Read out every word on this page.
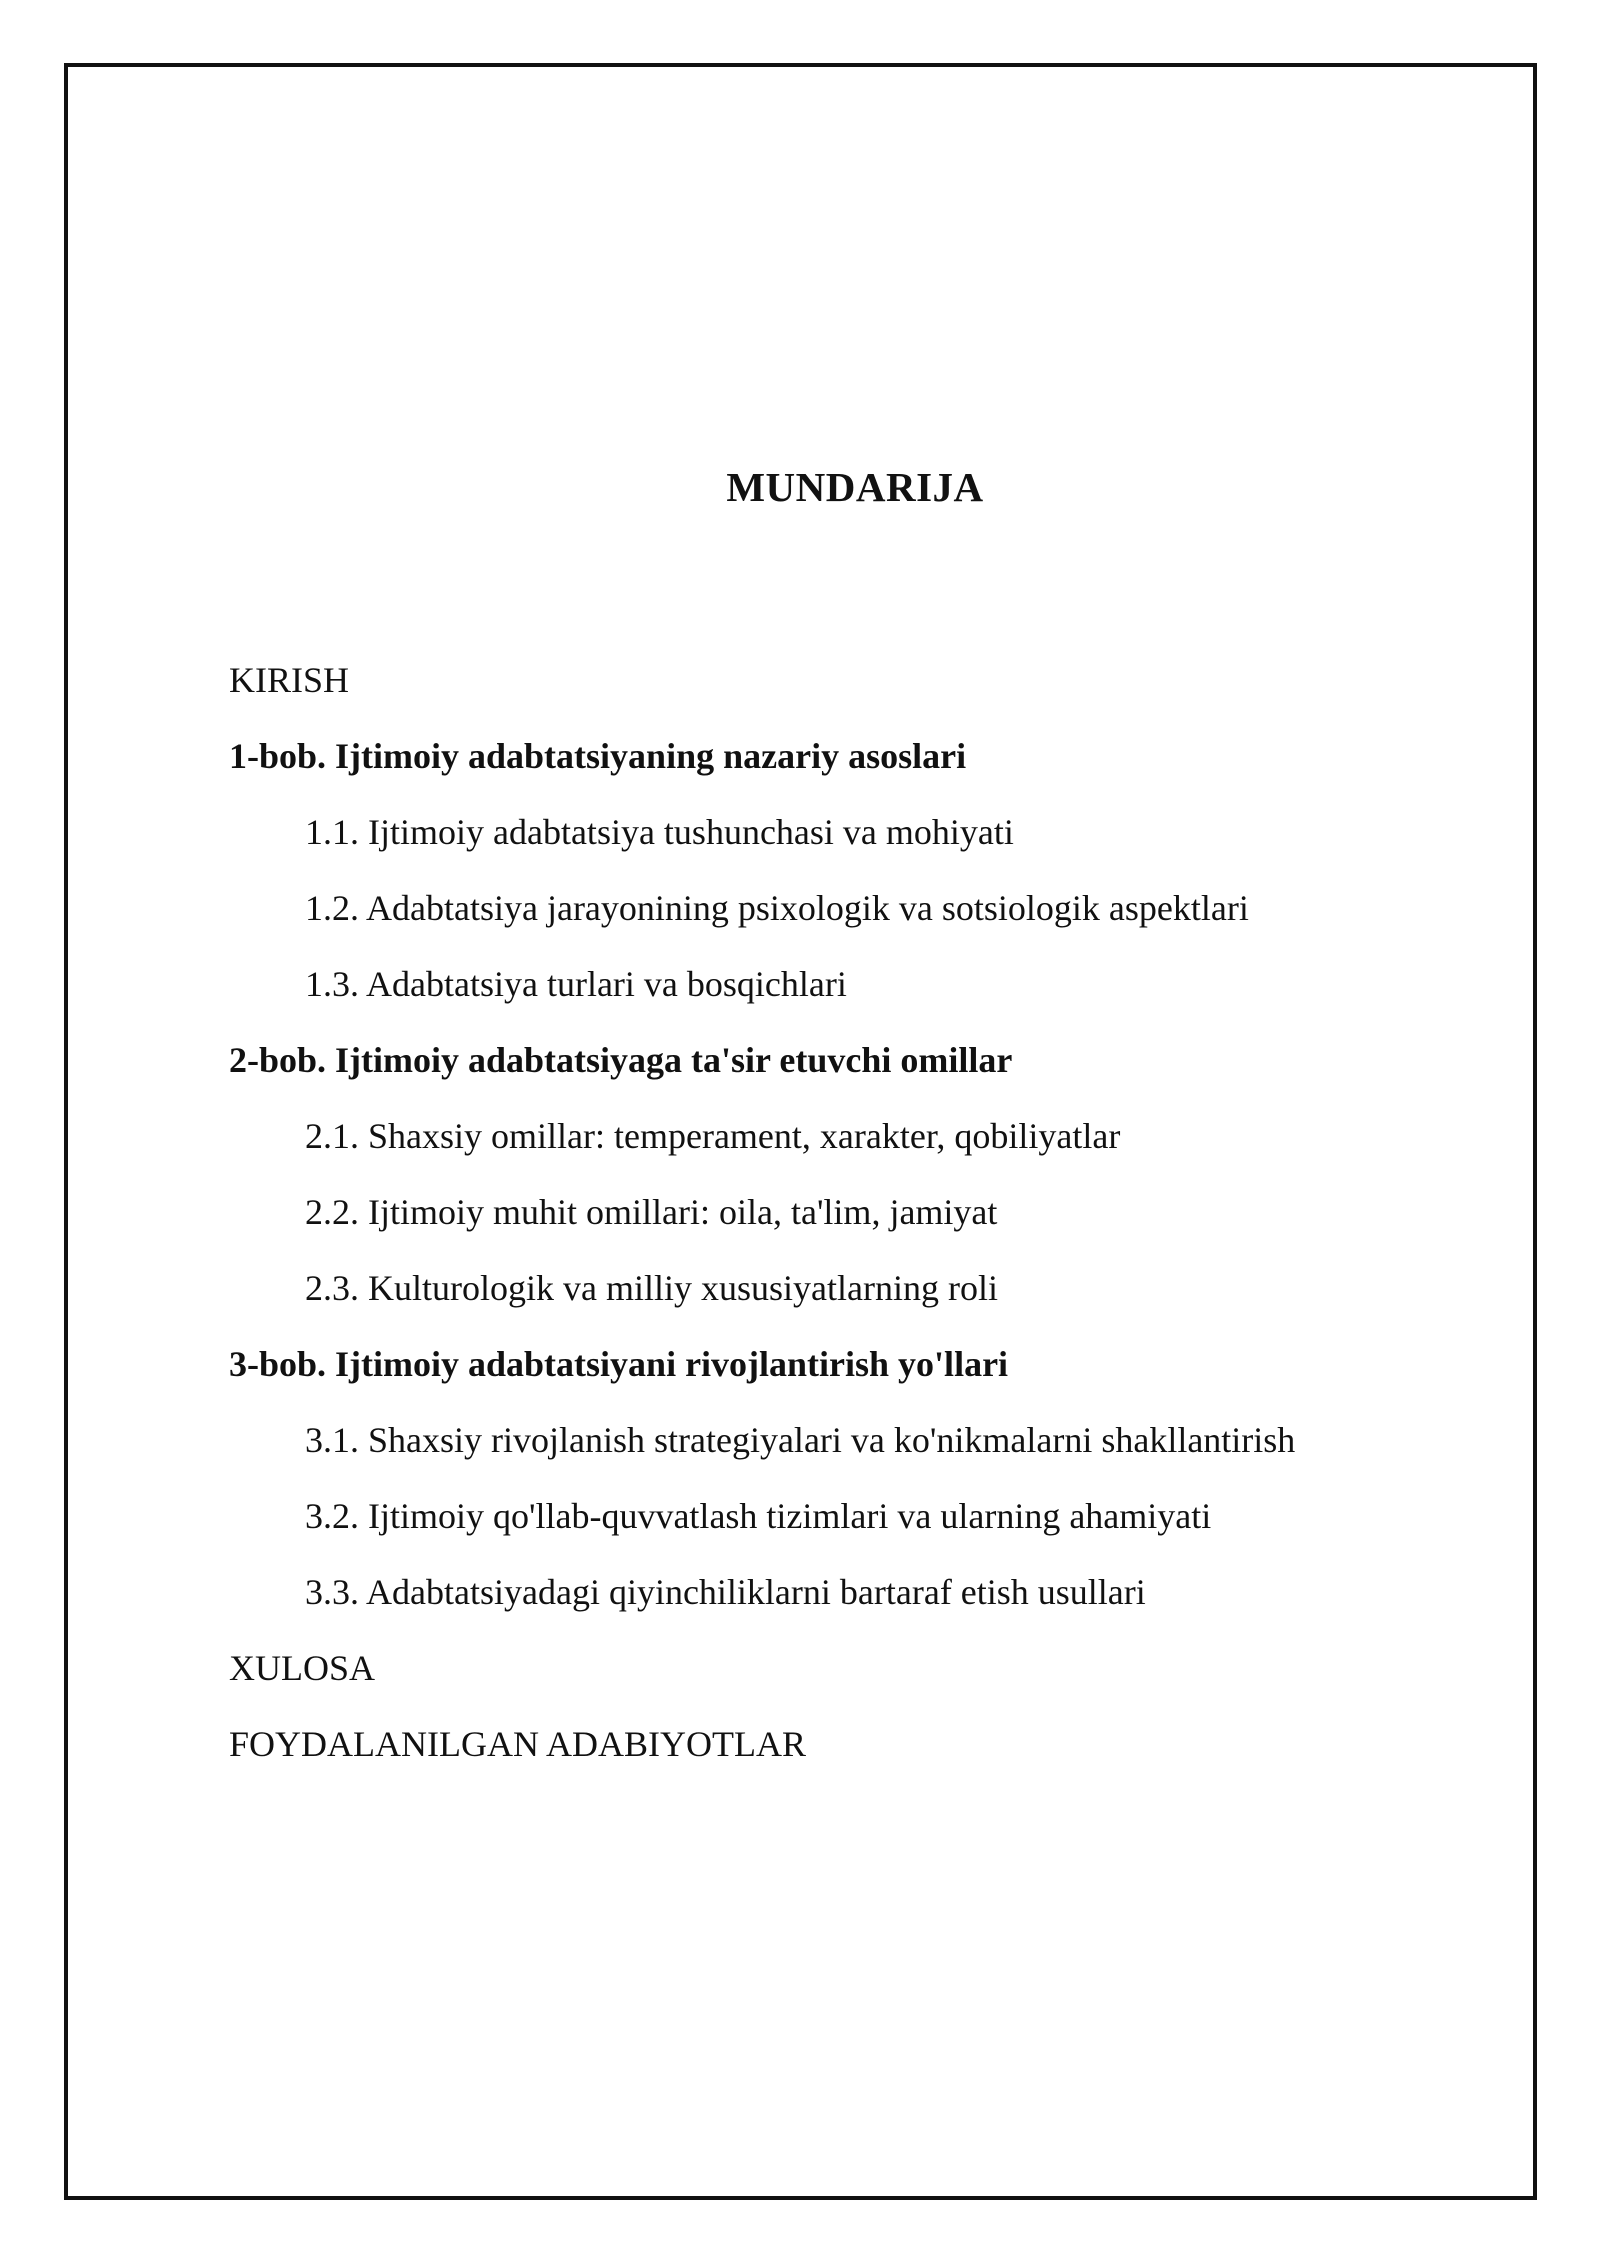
MUNDARIJA
KIRISH
1-bob. Ijtimoiy adabtatsiyaning nazariy asoslari
1.1. Ijtimoiy adabtatsiya tushunchasi va mohiyati
1.2. Adabtatsiya jarayonining psixologik va sotsiologik aspektlari
1.3. Adabtatsiya turlari va bosqichlari
2-bob. Ijtimoiy adabtatsiyaga ta'sir etuvchi omillar
2.1. Shaxsiy omillar: temperament, xarakter, qobiliyatlar
2.2. Ijtimoiy muhit omillari: oila, ta'lim, jamiyat
2.3. Kulturologik va milliy xususiyatlarning roli
3-bob. Ijtimoiy adabtatsiyani rivojlantirish yo'llari
3.1. Shaxsiy rivojlanish strategiyalari va ko'nikmalarni shakllantirish
3.2. Ijtimoiy qo'llab-quvvatlash tizimlari va ularning ahamiyati
3.3. Adabtatsiyadagi qiyinchiliklarni bartaraf etish usullari
XULOSA
FOYDALANILGAN ADABIYOTLAR
